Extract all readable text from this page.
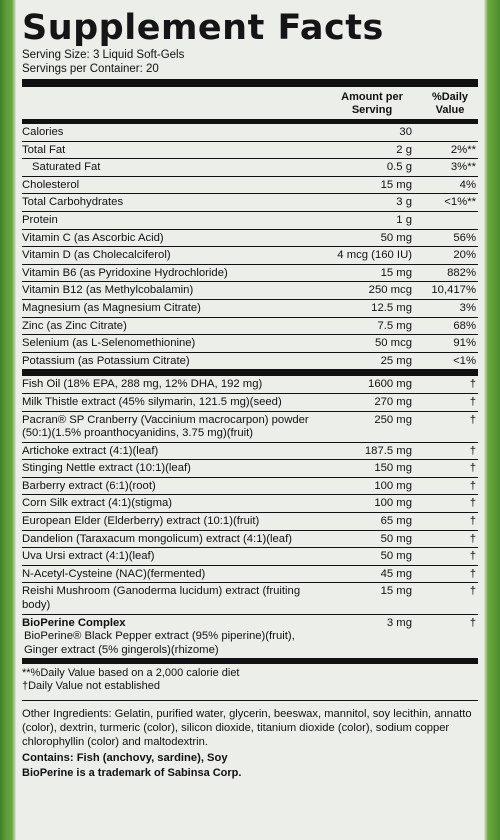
Supplement Facts
Serving Size: 3 Liquid Soft-Gels
Servings per Container: 20
Amount per
Serving
%Daily
Value
Calories	30
Total Fat	2 g	2%**
Saturated Fat	0.5 g	3%**
Cholesterol	15 mg	4%
Total Carbohydrates	3 g	<1%**
Protein	1 g
Vitamin C (as Ascorbic Acid)	50 mg	56%
Vitamin D (as Cholecalciferol)	4 mcg (160 IU)	20%
Vitamin B6 (as Pyridoxine Hydrochloride)	15 mg	882%
Vitamin B12 (as Methylcobalamin)	250 mcg	10,417%
Magnesium (as Magnesium Citrate)	12.5 mg	3%
Zinc (as Zinc Citrate)	7.5 mg	68%
Selenium (as L-Selenomethionine)	50 mcg	91%
Potassium (as Potassium Citrate)	25 mg	<1%
Fish Oil (18% EPA, 288 mg, 12% DHA, 192 mg)	1600 mg	†
Milk Thistle extract (45% silymarin, 121.5 mg)(seed)	270 mg	†
Pacran® SP Cranberry (Vaccinium macrocarpon) powder (50:1)(1.5% proanthocyanidins, 3.75 mg)(fruit)
250 mg	†
Artichoke extract (4:1)(leaf)	187.5 mg	†
Stinging Nettle extract (10:1)(leaf)	150 mg	†
Barberry extract (6:1)(root)	100 mg	†
Corn Silk extract (4:1)(stigma)	100 mg	†
European Elder (Elderberry) extract (10:1)(fruit)	65 mg	†
Dandelion (Taraxacum mongolicum) extract (4:1)(leaf)	50 mg	†
Uva Ursi extract (4:1)(leaf)	50 mg	†
N-Acetyl-Cysteine (NAC)(fermented)	45 mg	†
Reishi Mushroom (Ganoderma lucidum) extract (fruiting body)
15 mg	†
BioPerine Complex	3 mg	†
BioPerine® Black Pepper extract (95% piperine)(fruit),
Ginger extract (5% gingerols)(rhizome)
**%Daily Value based on a 2,000 calorie diet
†Daily Value not established
Other Ingredients: Gelatin, purified water, glycerin, beeswax, mannitol, soy lecithin, annatto (color), dextrin, turmeric (color), silicon dioxide, titanium dioxide (color), sodium copper chlorophyllin (color) and maltodextrin.
Contains: Fish (anchovy, sardine), Soy
BioPerine is a trademark of Sabinsa Corp.
